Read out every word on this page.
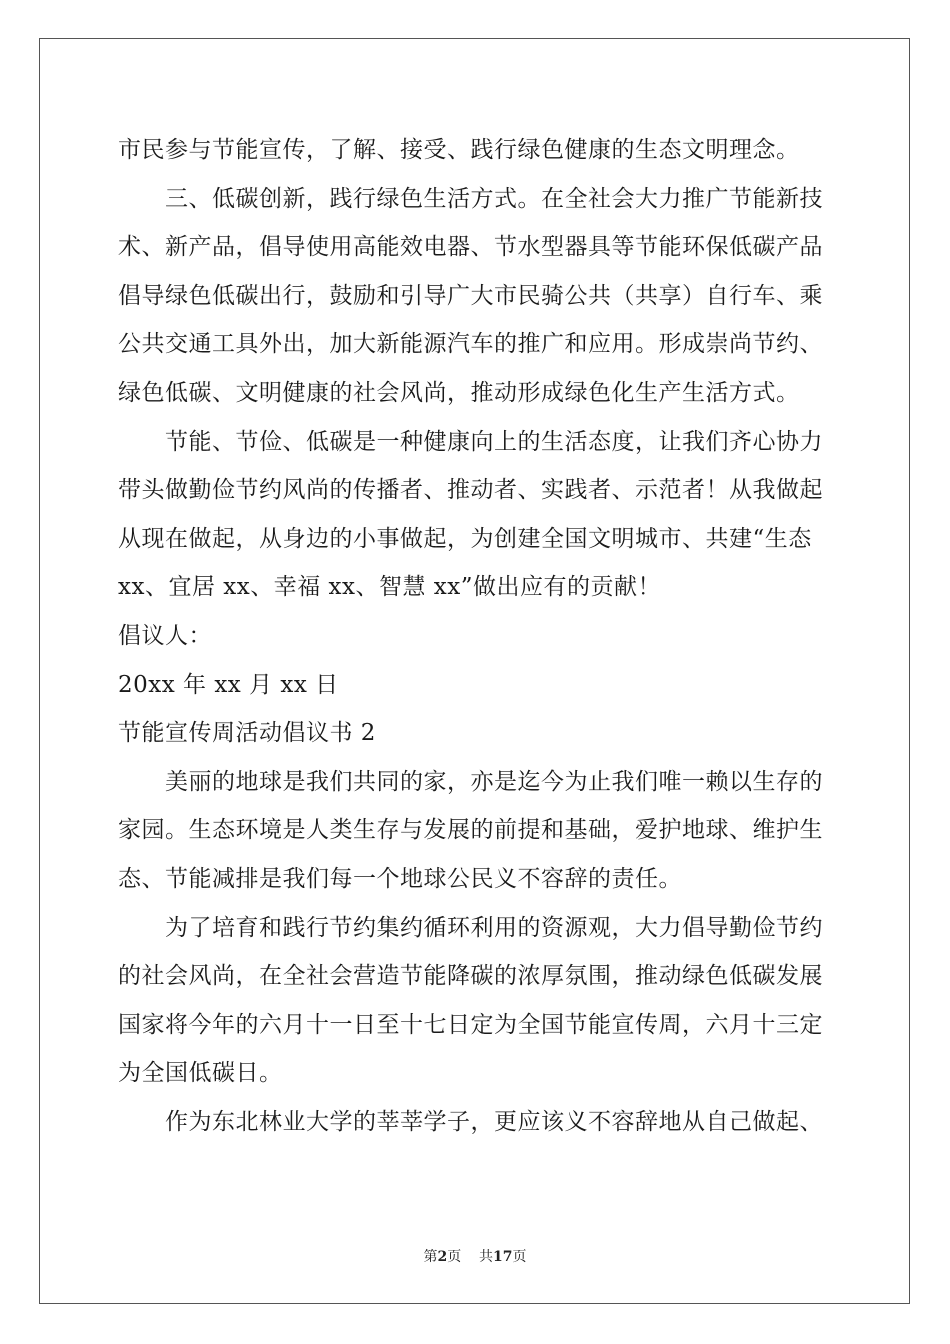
市民参与节能宣传，了解、接受、践行绿色健康的生态文明理念。
三、低碳创新，践行绿色生活方式。在全社会大力推广节能新技
术、新产品，倡导使用高能效电器、节水型器具等节能环保低碳产品
倡导绿色低碳出行，鼓励和引导广大市民骑公共（共享）自行车、乘
公共交通工具外出，加大新能源汽车的推广和应用。形成崇尚节约、
绿色低碳、文明健康的社会风尚，推动形成绿色化生产生活方式。
节能、节俭、低碳是一种健康向上的生活态度，让我们齐心协力
带头做勤俭节约风尚的传播者、推动者、实践者、示范者！从我做起
从现在做起，从身边的小事做起，为创建全国文明城市、共建“生态
xx、宜居 xx、幸福 xx、智慧 xx”做出应有的贡献！
倡议人：
20xx 年 xx 月 xx 日
节能宣传周活动倡议书 2
美丽的地球是我们共同的家，亦是迄今为止我们唯一赖以生存的
家园。生态环境是人类生存与发展的前提和基础，爱护地球、维护生
态、节能减排是我们每一个地球公民义不容辞的责任。
为了培育和践行节约集约循环利用的资源观，大力倡导勤俭节约
的社会风尚，在全社会营造节能降碳的浓厚氛围，推动绿色低碳发展
国家将今年的六月十一日至十七日定为全国节能宣传周，六月十三定
为全国低碳日。
作为东北林业大学的莘莘学子，更应该义不容辞地从自己做起、
第2页 共17页
